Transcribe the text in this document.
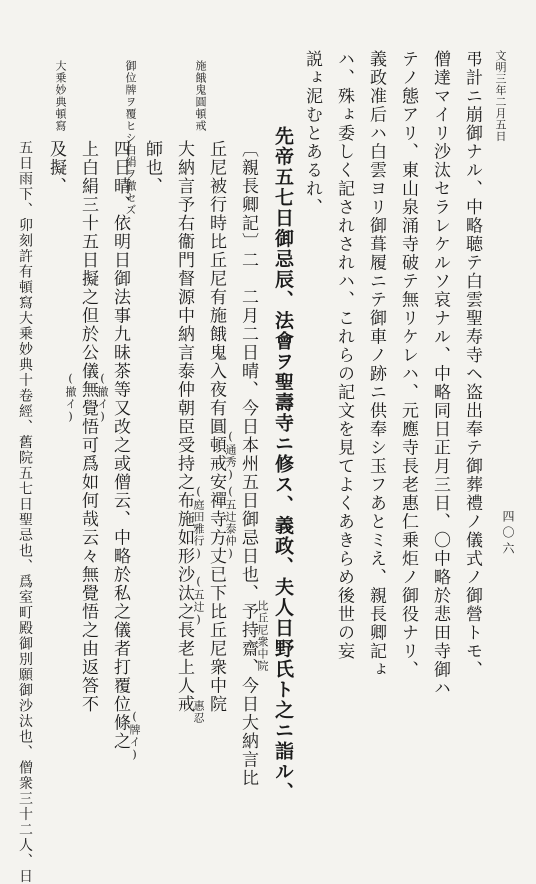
文明三年二月五日
四〇六
弔計ニ崩御ナル、中略聴テ白雲聖寿寺ヘ盗出奉テ御葬禮ノ儀式ノ御營トモ、
僧達マイリ沙汰セラレケルソ哀ナル、中略同日正月三日、〇中略於悲田寺御ハ
テノ態アリ、東山泉涌寺破テ無リケレハ、元應寺長老惠仁乗炬ノ御役ナリ、
義政准后ハ白雲ヨリ御葺履ニテ御車ノ跡ニ供奉シ玉フあとミえ、親長卿記ょ
ハ、殊ょ委しく記されされハ、これらの記文を見てよくあきらめ後世の妄
説ょ泥むとあるれ、
先帝五七日御忌辰、法會ヲ聖壽寺ニ修ス、義政、夫人日野氏ト之ニ詣ル、
〔親長卿記〕二　二月二日晴、今日本州五日御忌日也、予持齋、今日大納言比
丘尼被行時比丘尼有施餓鬼入夜有圓頓戒安禪寺方丈已下比丘尼衆中院
大納言予右衞門督源中納言泰仲朝臣受持之布施如形沙汰之長老上人戒
師也、
四日晴、依明日御法事九昧茶等又改之或僧云、中略於私之儀者打覆位條之
上白絹三十五日擬之但於公儀無覺悟可爲如何哉云々無覺悟之由返答不
及擬、
五日雨下、卯刻許有頓寫大乗妙典十卷經、舊院五七日聖忌也、爲室町殿御別願御沙汰也、僧衆三十二人、日
御位牌ヲ覆ヒシ白絹ヲ撤セズ	施餓鬼圓頓戒
大乗妙典頓寫
(通秀)
(五辻泰仲)
(庭田雅行)
(五辻)	比丘尼衆中院
惠忍
(撤イ)
(撤イ)
(牌イ)
